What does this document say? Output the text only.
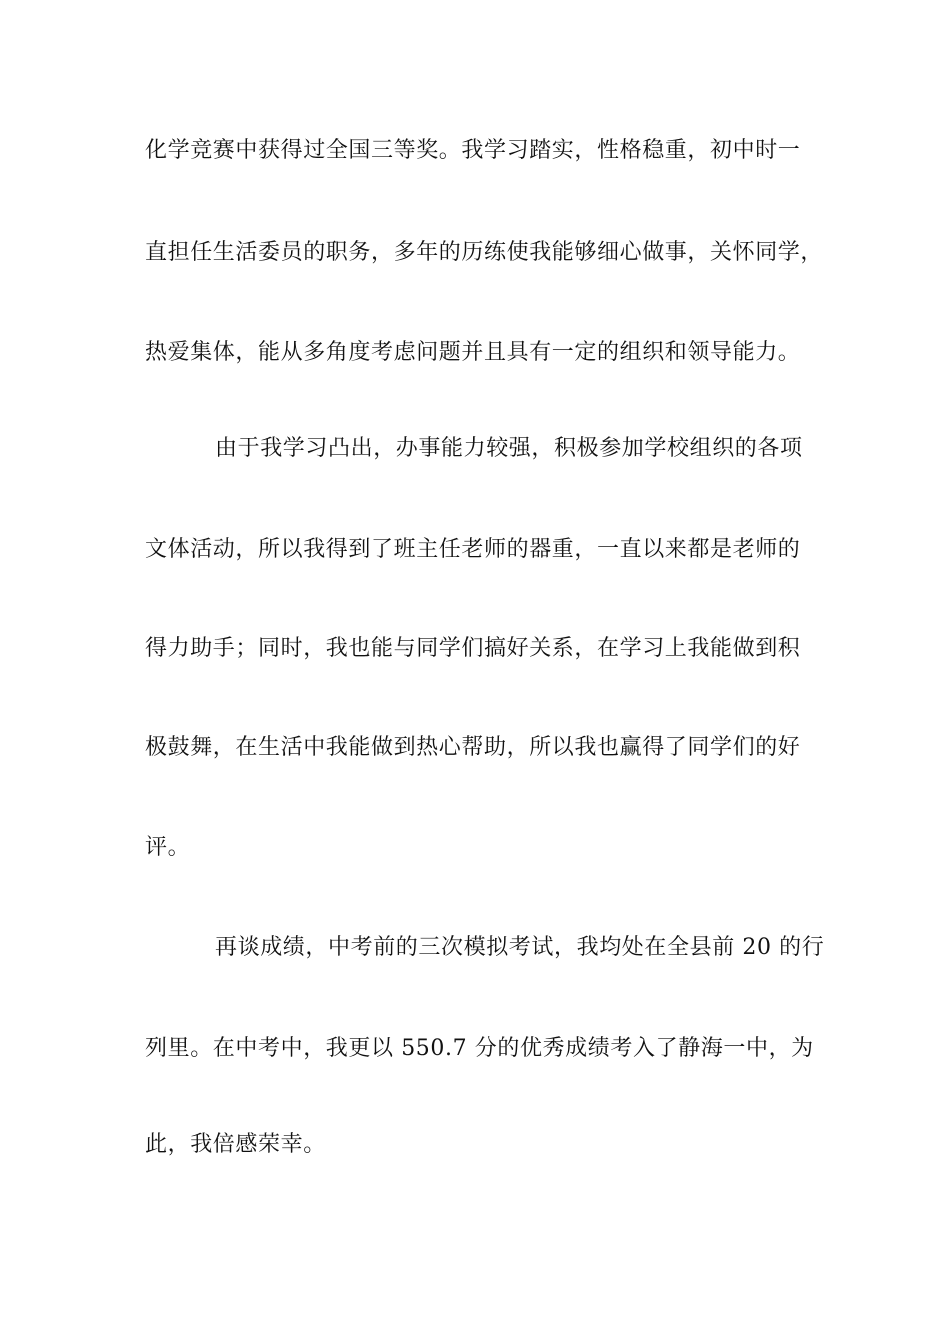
化学竞赛中获得过全国三等奖。我学习踏实，性格稳重，初中时一
直担任生活委员的职务，多年的历练使我能够细心做事，关怀同学，
热爱集体，能从多角度考虑问题并且具有一定的组织和领导能力。
由于我学习凸出，办事能力较强，积极参加学校组织的各项
文体活动，所以我得到了班主任老师的器重，一直以来都是老师的
得力助手；同时，我也能与同学们搞好关系，在学习上我能做到积
极鼓舞，在生活中我能做到热心帮助，所以我也赢得了同学们的好
评。
再谈成绩，中考前的三次模拟考试，我均处在全县前 20 的行
列里。在中考中，我更以 550.7 分的优秀成绩考入了静海一中，为
此，我倍感荣幸。
